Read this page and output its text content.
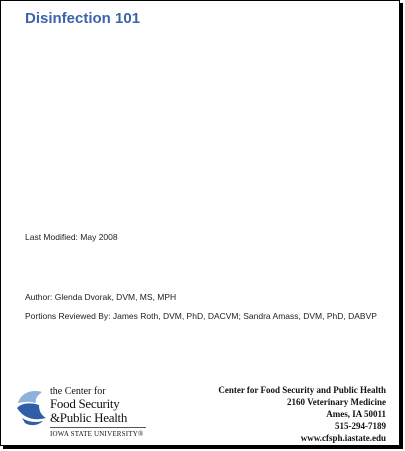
Disinfection 101
Last Modified: May 2008
Author: Glenda Dvorak, DVM, MS, MPH
Portions Reviewed By: James Roth, DVM, PhD, DACVM; Sandra Amass, DVM, PhD, DABVP
the Center for
Food Security
&Public Health
IOWA STATE UNIVERSITY®
Center for Food Security and Public Health
2160 Veterinary Medicine
Ames, IA 50011
515-294-7189
www.cfsph.iastate.edu
